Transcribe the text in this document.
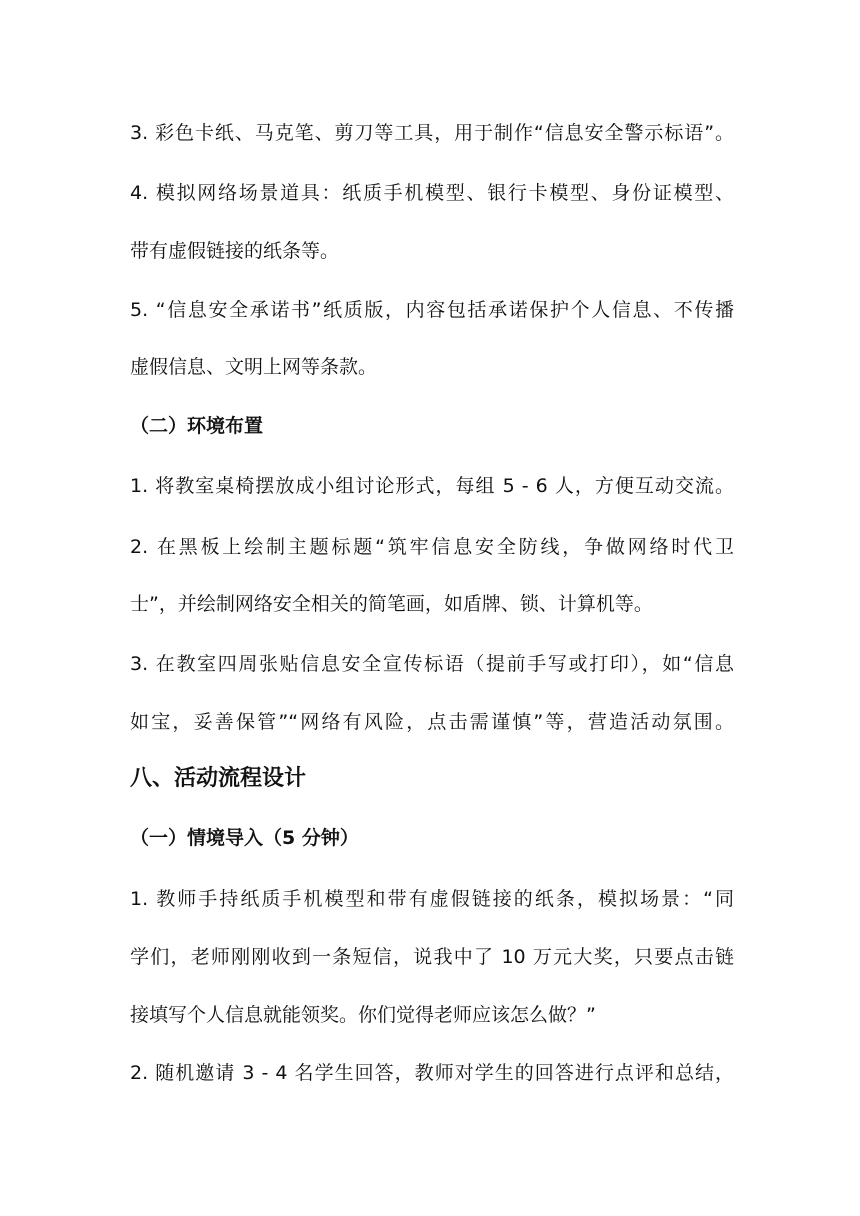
3. 彩色卡纸、马克笔、剪刀等工具，用于制作“信息安全警示标语”。
4. 模拟网络场景道具：纸质手机模型、银行卡模型、身份证模型、
带有虚假链接的纸条等。
5. “信息安全承诺书”纸质版，内容包括承诺保护个人信息、不传播
虚假信息、文明上网等条款。
（二）环境布置
1. 将教室桌椅摆放成小组讨论形式，每组 5 - 6 人，方便互动交流。
2. 在黑板上绘制主题标题“筑牢信息安全防线，争做网络时代卫
士”，并绘制网络安全相关的简笔画，如盾牌、锁、计算机等。
3. 在教室四周张贴信息安全宣传标语（提前手写或打印），如“信息
如宝，妥善保管”“网络有风险，点击需谨慎”等，营造活动氛围。
八、活动流程设计
（一）情境导入（5 分钟）
1. 教师手持纸质手机模型和带有虚假链接的纸条，模拟场景：“同
学们，老师刚刚收到一条短信，说我中了 10 万元大奖，只要点击链
接填写个人信息就能领奖。你们觉得老师应该怎么做？”
2. 随机邀请 3 - 4 名学生回答，教师对学生的回答进行点评和总结，
